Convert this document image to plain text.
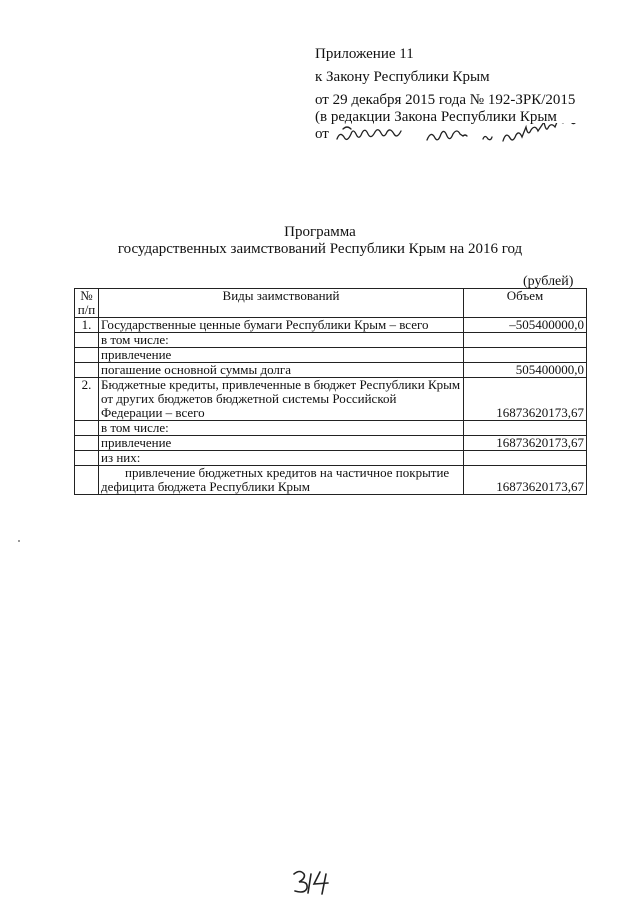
Приложение 11
к Закону Республики Крым
от 29 декабря 2015 года № 192-ЗРК/2015
(в редакции Закона Республики Крым
от
Программа
государственных заимствований Республики Крым на 2016 год
(рублей)
№ п/п	Виды заимствований	Объем
1.	Государственные ценные бумаги Республики Крым – всего	–505400000,0
	в том числе:	
	привлечение	
	погашение основной суммы долга	505400000,0
2.	Бюджетные кредиты, привлеченные в бюджет Республики Крым от других бюджетов бюджетной системы Российской Федерации – всего	16873620173,67
	в том числе:	
	привлечение	16873620173,67
	из них:	
	привлечение бюджетных кредитов на частичное покрытие дефицита бюджета Республики Крым	16873620173,67
